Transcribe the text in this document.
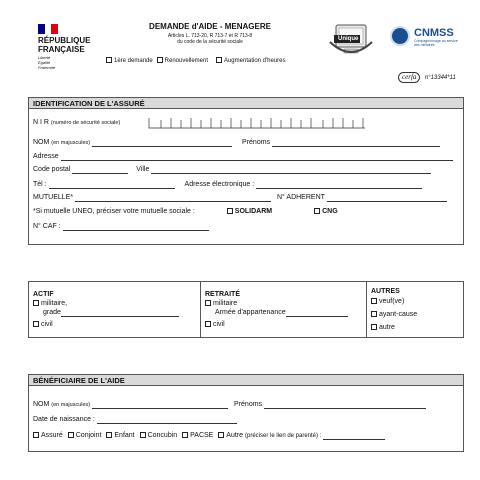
RÉPUBLIQUE
FRANÇAISE
Liberté
Égalité
Fraternité
DEMANDE d'AIDE - MENAGERE
Articles L. 713-20, R 713-7 et R 713-8
du code de la sécurité sociale
1ère demande Renouvellement	Augmentation d'heures
Unique	CNMSS
Compagnonnage au service des militaires
cerfa n°13344*11
IDENTIFICATION DE L'ASSURÉ
N I R (numéro de sécurité sociale)
NOM (en majuscules)	Prénoms
Adresse
Code postal	Ville
Tél :	Adresse électronique :
MUTUELLE*	N° ADHERENT
*Si mutuelle UNEO, préciser votre mutuelle sociale :	SOLIDARM	CNG
N° CAF :
ACTIF
militaire,
grade
civil
RETRAITÉ
militaire
Armée d'appartenance
civil
AUTRES
veuf(ve)
ayant-cause
autre
BÉNÉFICIAIRE DE L'AIDE
NOM (en majuscules)	Prénoms
Date de naissance :
Assuré Conjoint Enfant Concubin PACSE Autre (préciser le lien de parenté) :
